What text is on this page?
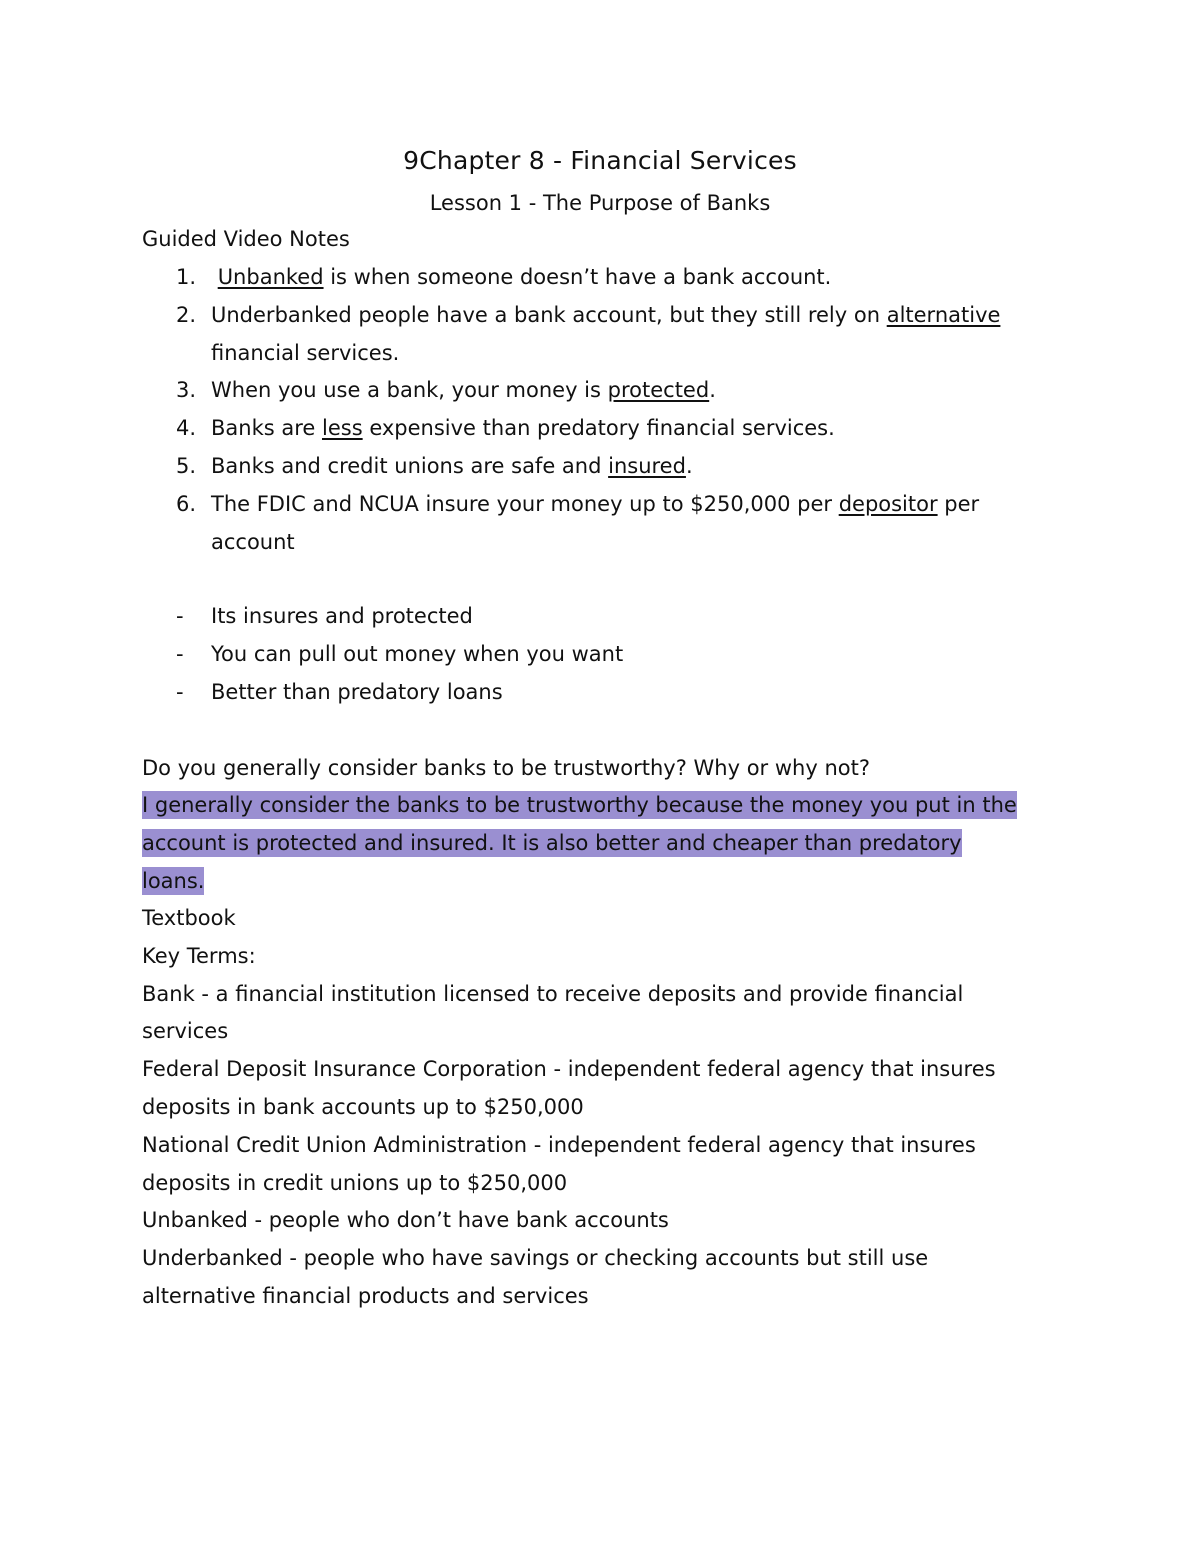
9Chapter 8 - Financial Services
Lesson 1 - The Purpose of Banks

Guided Video Notes

1. Unbanked is when someone doesn’t have a bank account.
2. Underbanked people have a bank account, but they still rely on alternative
financial services.
3. When you use a bank, your money is protected.
4. Banks are less expensive than predatory financial services.
5. Banks and credit unions are safe and insured.
6. The FDIC and NCUA insure your money up to $250,000 per depositor per
account
- Its insures and protected
- You can pull out money when you want
- Better than predatory loans

Do you generally consider banks to be trustworthy? Why or why not?

I generally consider the banks to be trustworthy because the money you put in the
account is protected and insured. It is also better and cheaper than predatory
loans.

Textbook

Key Terms:

Bank - a financial institution licensed to receive deposits and provide financial

services

Federal Deposit Insurance Corporation - independent federal agency that insures

deposits in bank accounts up to $250,000

National Credit Union Administration - independent federal agency that insures

deposits in credit unions up to $250,000

Unbanked - people who don’t have bank accounts

Underbanked - people who have savings or checking accounts but still use

alternative financial products and services
